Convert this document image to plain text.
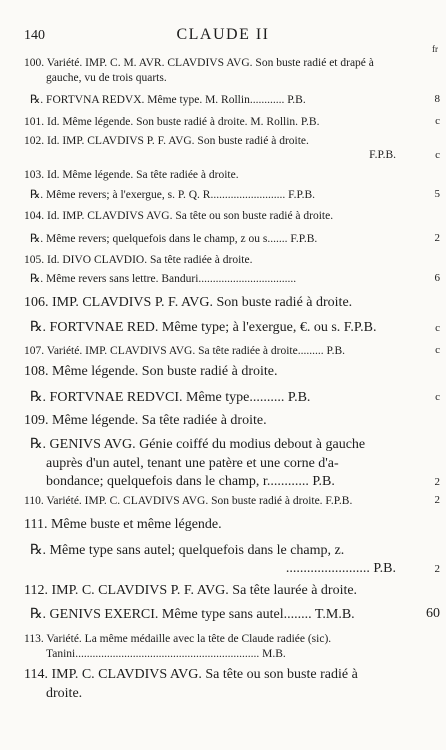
140	CLAUDE II
fr
100. Variété. IMP. C. M. AVR. CLAVDIVS AVG. Son buste radié et drapé à
gauche, vu de trois quarts.
℞. FORTVNA REDVX. Même type. M. Rollin............ P.B.	8
101. Id. Même légende. Son buste radié à droite. M. Rollin. P.B.	c
102. Id. IMP. CLAVDIVS P. F. AVG. Son buste radié à droite.
F.P.B.	c
103. Id. Même légende. Sa tête radiée à droite.
℞. Même revers; à l'exergue, s. P. Q. R.......................... F.P.B.	5
104. Id. IMP. CLAVDIVS AVG. Sa tête ou son buste radié à droite.
℞. Même revers; quelquefois dans le champ, z ou s....... F.P.B.	2
105. Id. DIVO CLAVDIO. Sa tête radiée à droite.
℞. Même revers sans lettre. Banduri..................................	6
106. IMP. CLAVDIVS P. F. AVG. Son buste radié à droite.
℞. FORTVNAE RED. Même type; à l'exergue, €. ou s. F.P.B.	c
107. Variété. IMP. CLAVDIVS AVG. Sa tête radiée à droite......... P.B.	c
108. Même légende. Son buste radié à droite.
℞. FORTVNAE REDVCI. Même type.......... P.B.	c
109. Même légende. Sa tête radiée à droite.
℞. GENIVS AVG. Génie coiffé du modius debout à gauche
auprès d'un autel, tenant une patère et une corne d'a-
bondance; quelquefois dans le champ, r............ P.B.	2
110. Variété. IMP. C. CLAVDIVS AVG. Son buste radié à droite. F.P.B.	2
111. Même buste et même légende.
℞. Même type sans autel; quelquefois dans le champ, z.
........................ P.B.	2
112. IMP. C. CLAVDIVS P. F. AVG. Sa tête laurée à droite.
℞. GENIVS EXERCI. Même type sans autel........ T.M.B.	60
113. Variété. La même médaille avec la tête de Claude radiée (sic).
Tanini................................................................ M.B.
114. IMP. C. CLAVDIVS AVG. Sa tête ou son buste radié à
droite.
